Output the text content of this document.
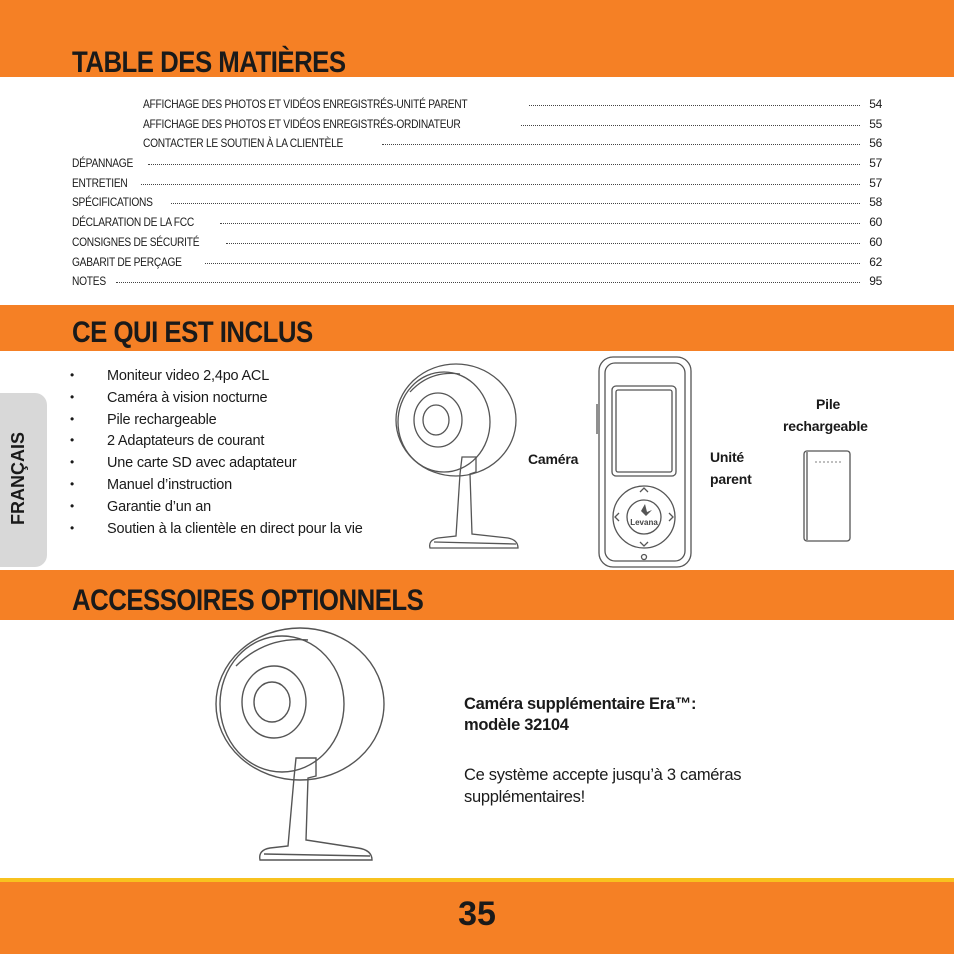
TABLE DES MATIÈRES
AFFICHAGE DES PHOTOS ET VIDÉOS ENREGISTRÉS-UNITÉ PARENT	54
AFFICHAGE DES PHOTOS ET VIDÉOS ENREGISTRÉS-ORDINATEUR	55
CONTACTER LE SOUTIEN À LA CLIENTÈLE	56
DÉPANNAGE	57
ENTRETIEN	57
SPÉCIFICATIONS	58
DÉCLARATION DE LA FCC	60
CONSIGNES DE SÉCURITÉ	60
GABARIT DE PERÇAGE	62
NOTES	95
CE QUI EST INCLUS
FRANÇAIS
• Moniteur video 2,4po ACL
• Caméra à vision nocturne
• Pile rechargeable
• 2 Adaptateurs de courant
• Une carte SD avec adaptateur
• Manuel d’instruction
• Garantie d’un an
• Soutien à la clientèle en direct pour la vie
Caméra
Levana
Unité
parent
Pile
rechargeable
ACCESSOIRES OPTIONNELS
Caméra supplémentaire Era™:
modèle 32104
Ce système accepte jusqu’à 3 caméras
supplémentaires!
35
